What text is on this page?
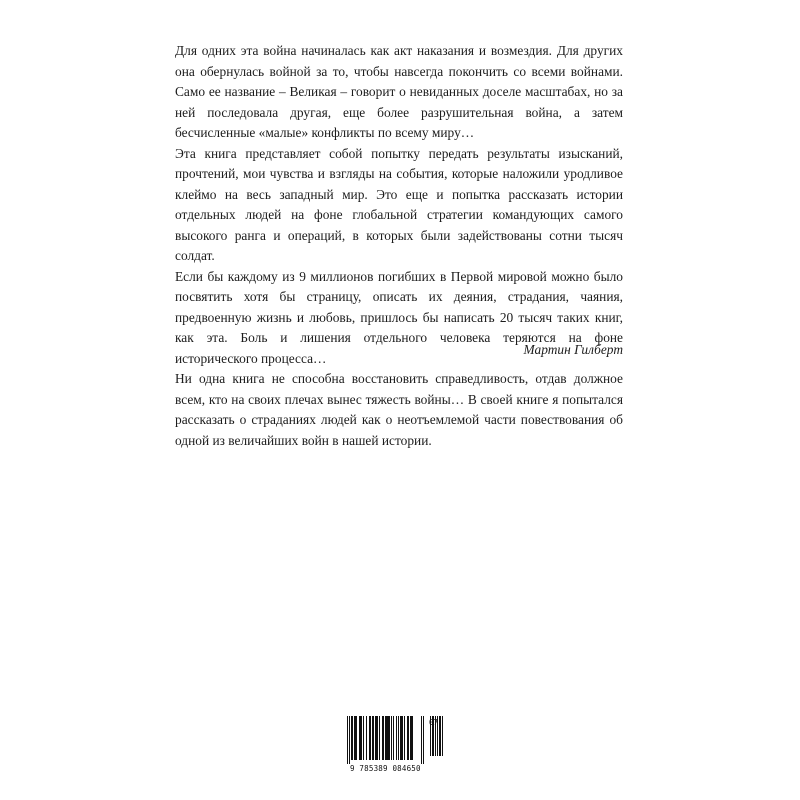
Для одних эта война начиналась как акт наказания и возмездия. Для других она обернулась войной за то, чтобы навсегда покончить со всеми войнами. Само ее название – Великая – говорит о невиданных доселе масштабах, но за ней последовала другая, еще более разрушительная война, а затем бесчисленные «малые» конфликты по всему миру…

Эта книга представляет собой попытку передать результаты изысканий, прочтений, мои чувства и взгляды на события, которые наложили уродливое клеймо на весь западный мир. Это еще и попытка рассказать истории отдельных людей на фоне глобальной стратегии командующих самого высокого ранга и операций, в которых были задействованы сотни тысяч солдат.

Если бы каждому из 9 миллионов погибших в Первой мировой можно было посвятить хотя бы страницу, описать их деяния, страдания, чаяния, предвоенную жизнь и любовь, пришлось бы написать 20 тысяч таких книг, как эта. Боль и лишения отдельного человека теряются на фоне исторического процесса…

Ни одна книга не способна восстановить справедливость, отдав должное всем, кто на своих плечах вынес тяжесть войны… В своей книге я попытался рассказать о страданиях людей как о неотъемлемой части повествования об одной из величайших войн в нашей истории.

Мартин Гилберт
9 785389 084650
07
